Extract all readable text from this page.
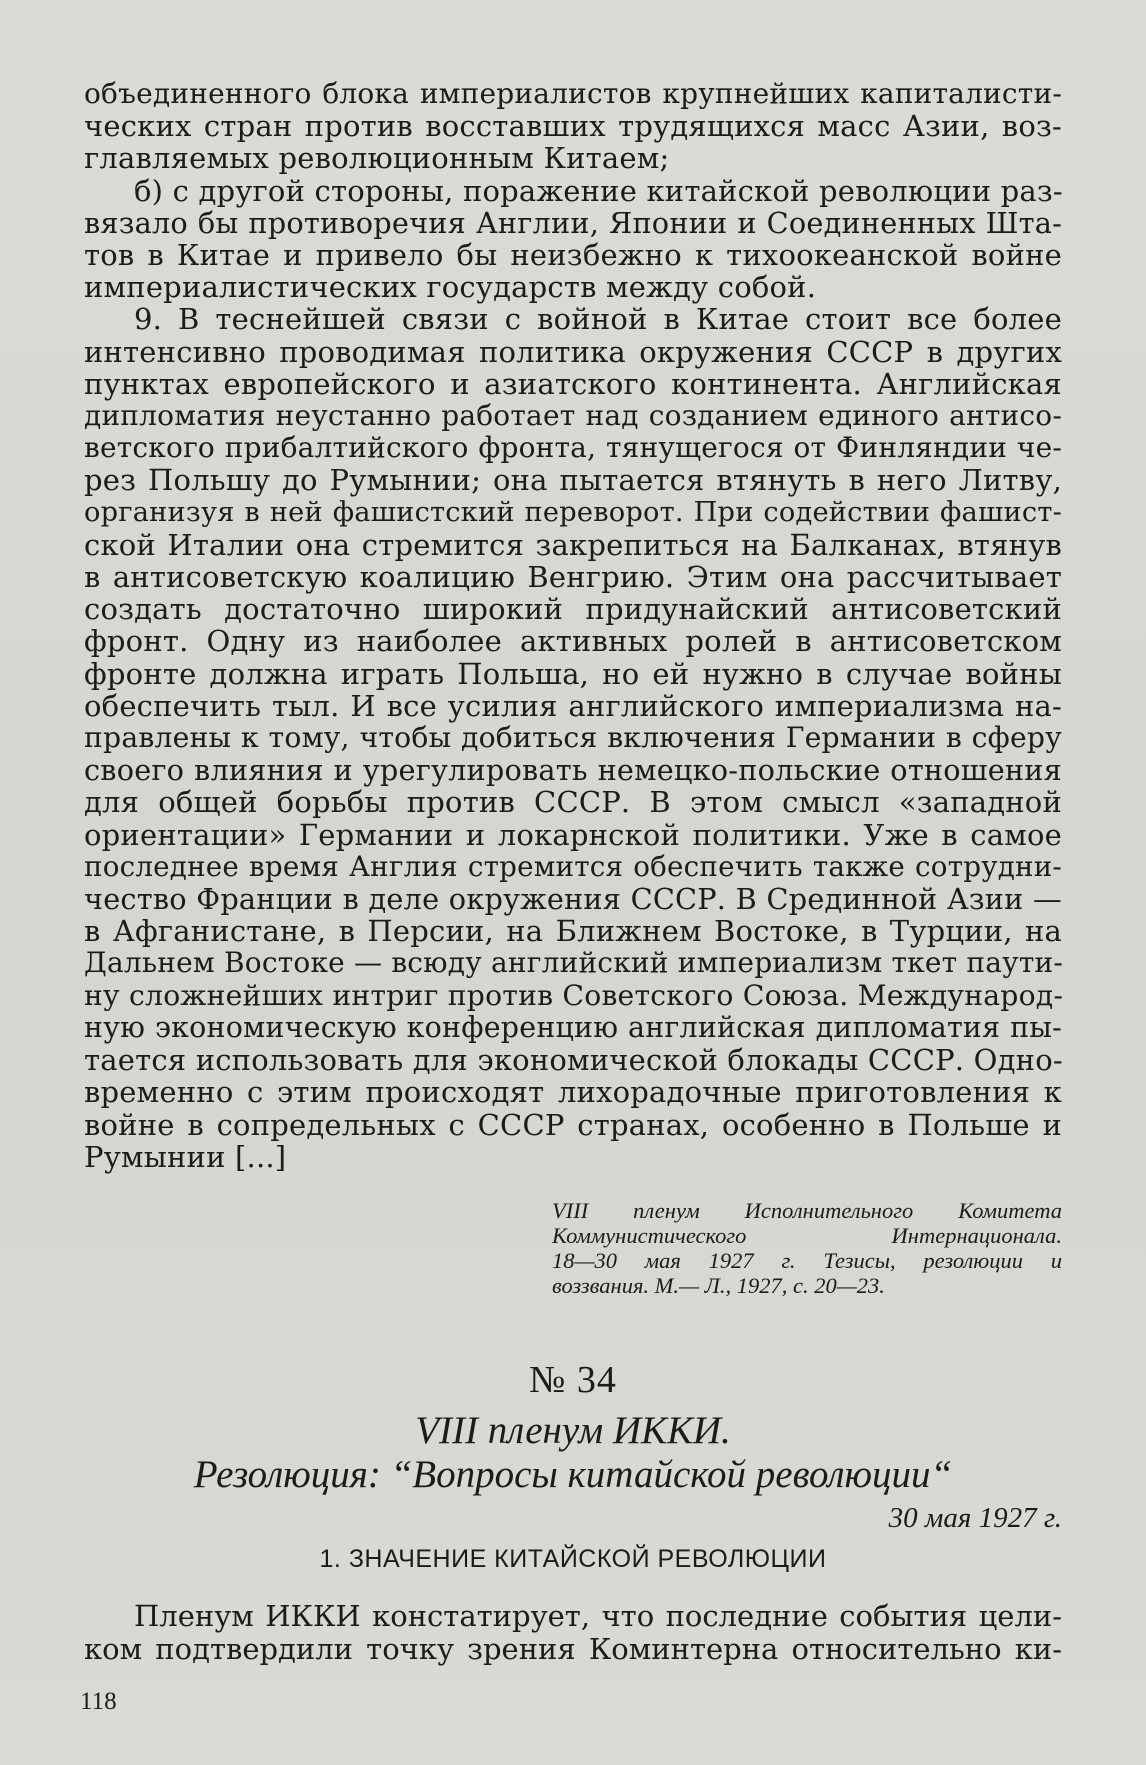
объединенного блока империалистов крупнейших капиталисти-
ческих стран против восставших трудящихся масс Азии, воз-
главляемых революционным Китаем;
б) с другой стороны, поражение китайской революции раз-
вязало бы противоречия Англии, Японии и Соединенных Шта-
тов в Китае и привело бы неизбежно к тихоокеанской войне
империалистических государств между собой.
9. В теснейшей связи с войной в Китае стоит все более
интенсивно проводимая политика окружения СССР в других
пунктах европейского и азиатского континента. Английская
дипломатия неустанно работает над созданием единого антисо-
ветского прибалтийского фронта, тянущегося от Финляндии че-
рез Польшу до Румынии; она пытается втянуть в него Литву,
организуя в ней фашистский переворот. При содействии фашист-
ской Италии она стремится закрепиться на Балканах, втянув
в антисоветскую коалицию Венгрию. Этим она рассчитывает
создать достаточно широкий придунайский антисоветский
фронт. Одну из наиболее активных ролей в антисоветском
фронте должна играть Польша, но ей нужно в случае войны
обеспечить тыл. И все усилия английского империализма на-
правлены к тому, чтобы добиться включения Германии в сферу
своего влияния и урегулировать немецко-польские отношения
для общей борьбы против СССР. В этом смысл «западной
ориентации» Германии и локарнской политики. Уже в самое
последнее время Англия стремится обеспечить также сотрудни-
чество Франции в деле окружения СССР. В Срединной Азии —
в Афганистане, в Персии, на Ближнем Востоке, в Турции, на
Дальнем Востоке — всюду английский империализм ткет паути-
ну сложнейших интриг против Советского Союза. Международ-
ную экономическую конференцию английская дипломатия пы-
тается использовать для экономической блокады СССР. Одно-
временно с этим происходят лихорадочные приготовления к
войне в сопредельных с СССР странах, особенно в Польше и
Румынии [...]
VIII пленум Исполнительного Комитета
Коммунистического Интернационала.
18—30 мая 1927 г. Тезисы, резолюции и
воззвания. М.— Л., 1927, с. 20—23.
№ 34
VIII пленум ИККИ.
Резолюция: “Вопросы китайской революции“
30 мая 1927 г.
1. ЗНАЧЕНИЕ КИТАЙСКОЙ РЕВОЛЮЦИИ
Пленум ИККИ констатирует, что последние события цели-
ком подтвердили точку зрения Коминтерна относительно ки-
118
